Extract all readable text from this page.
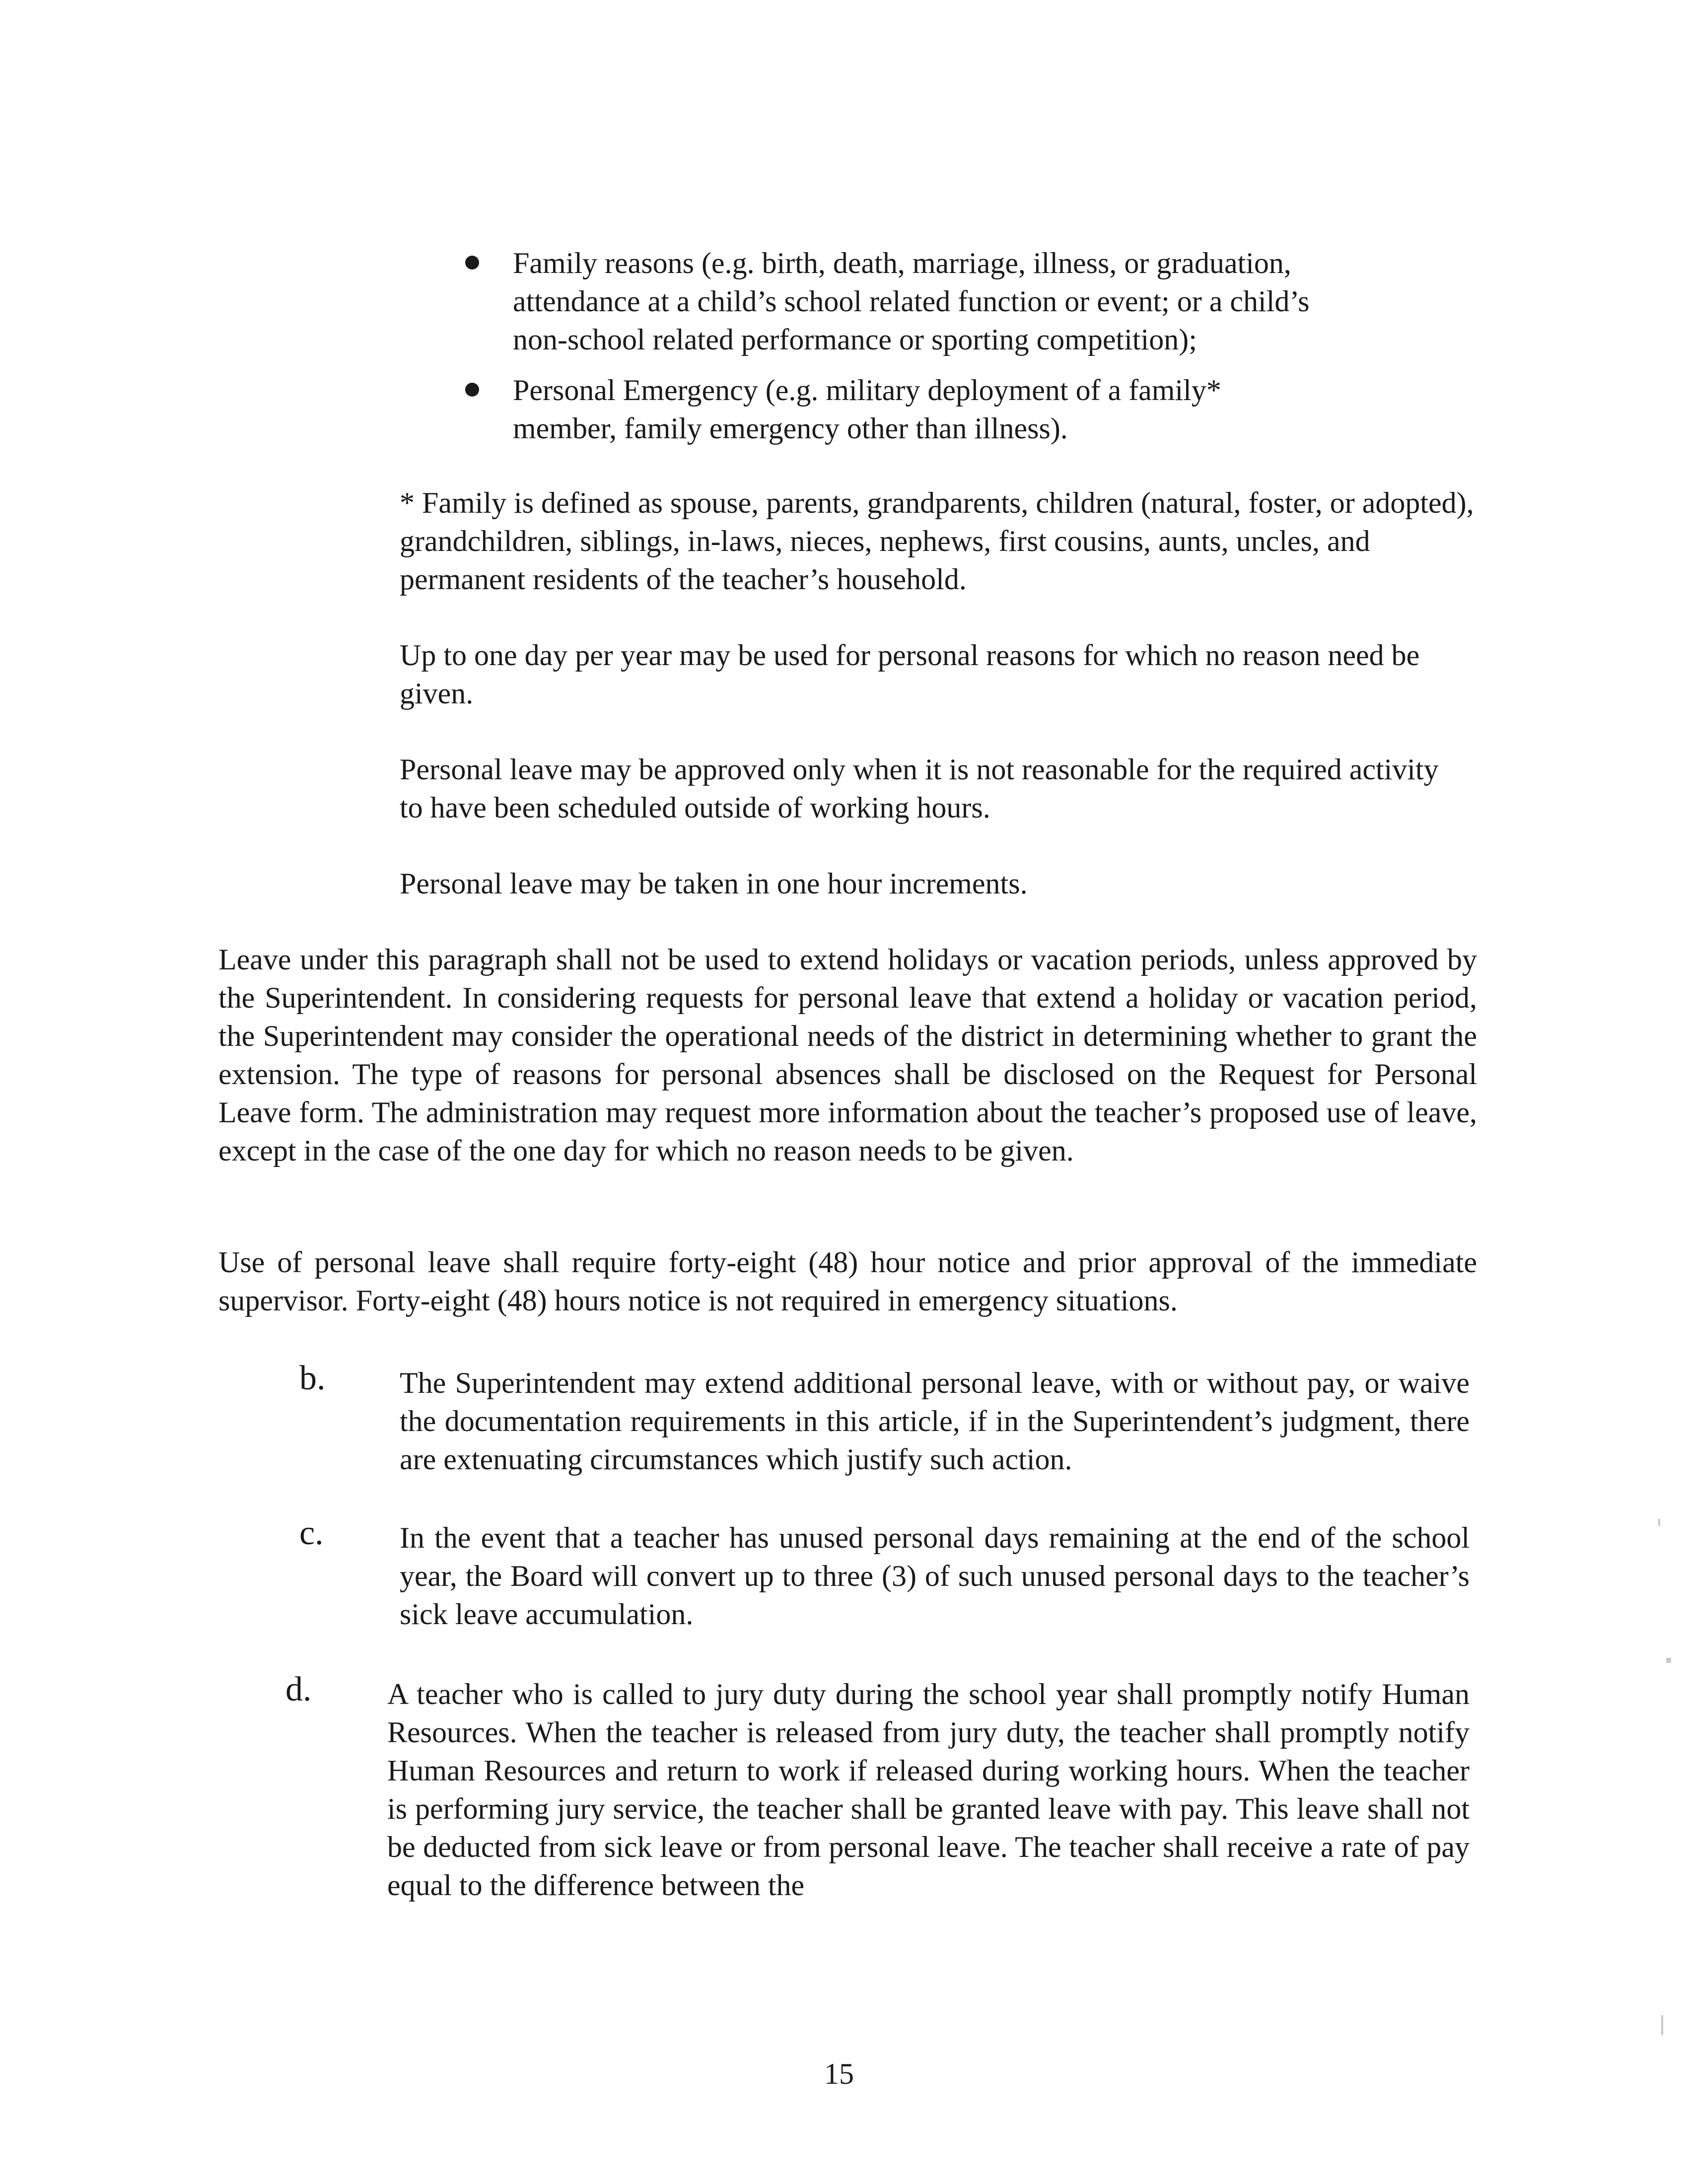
Family reasons (e.g. birth, death, marriage, illness, or graduation,
attendance at a child’s school related function or event; or a child’s
non-school related performance or sporting competition);

Personal Emergency (e.g. military deployment of a family*
member, family emergency other than illness).

* Family is defined as spouse, parents, grandparents, children (natural, foster, or adopted), grandchildren, siblings, in-laws, nieces, nephews, first cousins, aunts, uncles, and permanent residents of the teacher’s household.

Up to one day per year may be used for personal reasons for which no reason need be given.

Personal leave may be approved only when it is not reasonable for the required activity to have been scheduled outside of working hours.

Personal leave may be taken in one hour increments.

Leave under this paragraph shall not be used to extend holidays or vacation periods, unless approved by the Superintendent. In considering requests for personal leave that extend a holiday or vacation period, the Superintendent may consider the operational needs of the district in determining whether to grant the extension. The type of reasons for personal absences shall be disclosed on the Request for Personal Leave form. The administration may request more information about the teacher’s proposed use of leave, except in the case of the one day for which no reason needs to be given.

Use of personal leave shall require forty-eight (48) hour notice and prior approval of the immediate supervisor. Forty-eight (48) hours notice is not required in emergency situations.

b. The Superintendent may extend additional personal leave, with or without pay, or waive the documentation requirements in this article, if in the Superintendent’s judgment, there are extenuating circumstances which justify such action.

c.	In the event that a teacher has unused personal days remaining at the end of the school year, the Board will convert up to three (3) of such unused personal days to the teacher’s sick leave accumulation.

d.	A teacher who is called to jury duty during the school year shall promptly notify Human Resources. When the teacher is released from jury duty, the teacher shall promptly notify Human Resources and return to work if released during working hours. When the teacher is performing jury service, the teacher shall be granted leave with pay. This leave shall not be deducted from sick leave or from personal leave. The teacher shall receive a rate of pay equal to the difference between the

15
